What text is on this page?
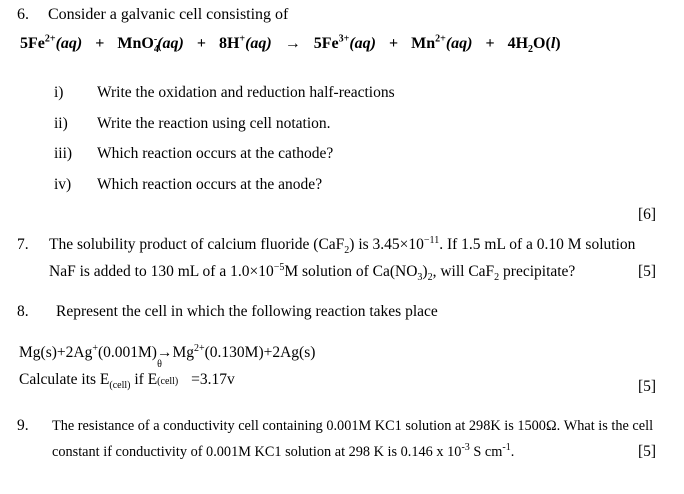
6. Consider a galvanic cell consisting of
$5Fe^{2+}(aq) + MnO_4^-(aq) + 8H^+(aq) \to 5Fe^{3+}(aq) + Mn^{2+}(aq) + 4H_2O(l)$
i) Write the oxidation and reduction half-reactions
ii) Write the reaction using cell notation.
iii) Which reaction occurs at the cathode?
iv) Which reaction occurs at the anode?
[6]
7. The solubility product of calcium fluoride (CaF$_2$) is $3.45\times 10^{-11}$. If 1.5 mL of a 0.10 M solution
NaF is added to 130 mL of a $1.0\times 10^{-5}M$ solution of $Ca(NO_3)_2$, will CaF$_2$ precipitate?	[5]
8. Represent the cell in which the following reaction takes place
$Mg(s)+2Ag^+(0.001M)\to Mg^{2+}(0.130M)+2Ag(s)$
Calculate its $E_{(cell)}$ if E
θ
(cell) =3.17v	[5]
9. The resistance of a conductivity cell containing 0.001M KC1 solution at 298K is 1500Ω. What is the cell
constant if conductivity of 0.001M KC1 solution at 298 K is 0.146 x $10^{-3}$ S $cm^{-1}$.	[5]
